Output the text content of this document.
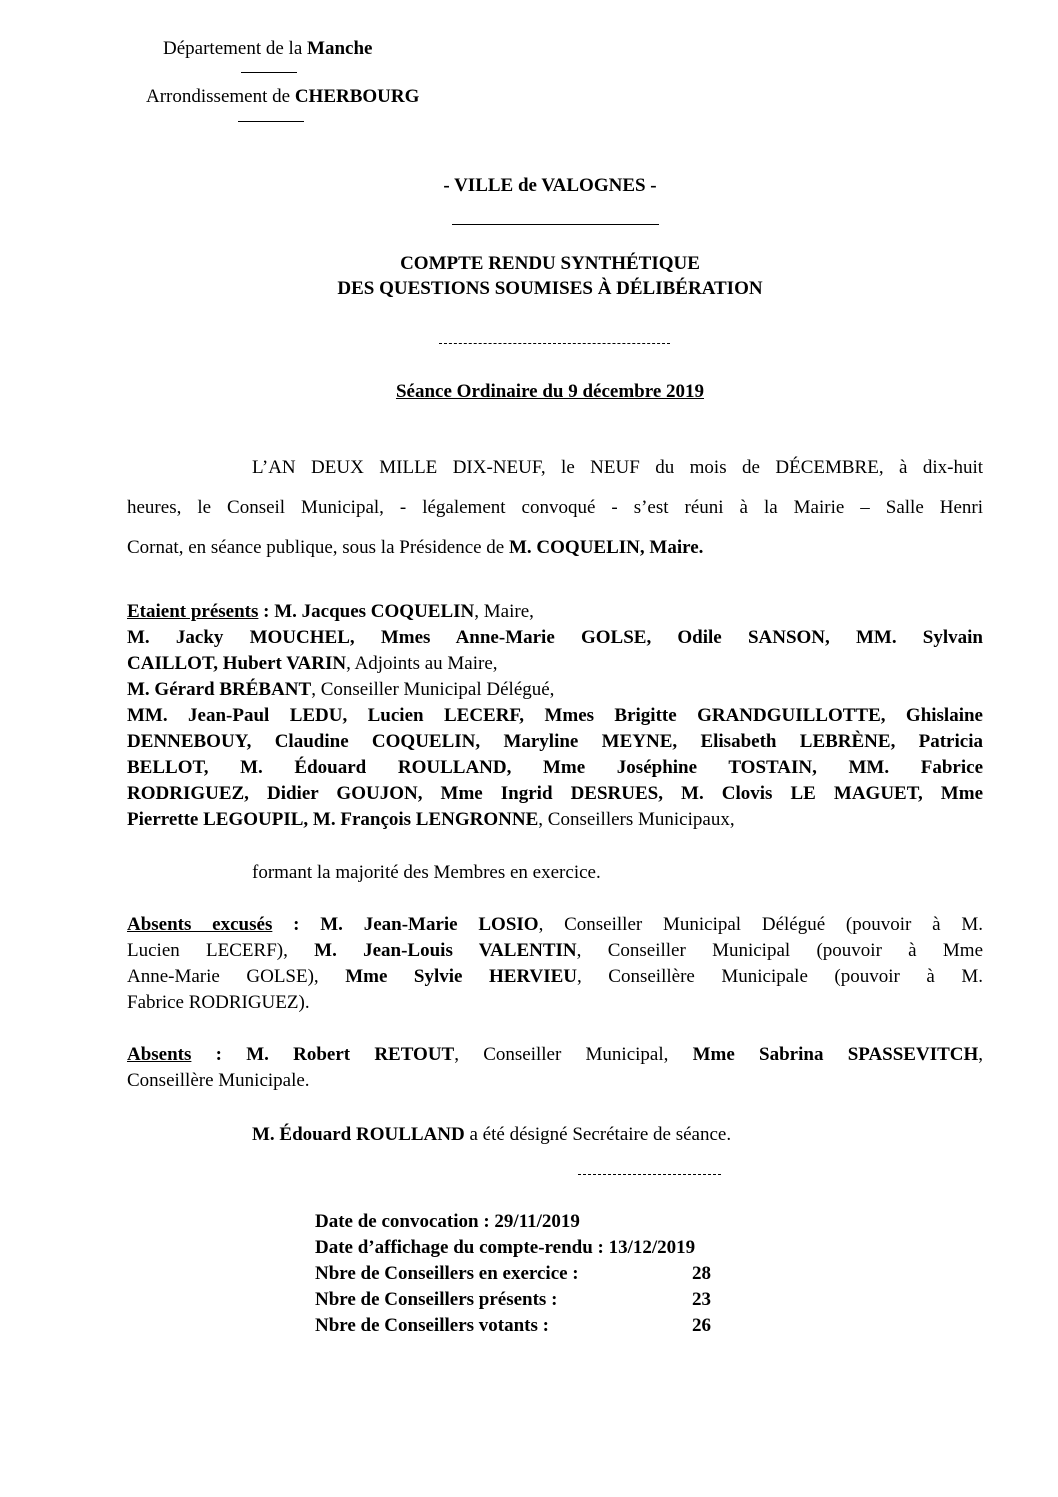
Département de la Manche
Arrondissement de CHERBOURG
- VILLE de VALOGNES -
COMPTE RENDU SYNTHÉTIQUE
DES QUESTIONS SOUMISES À DÉLIBÉRATION
Séance Ordinaire du 9 décembre 2019
L’AN DEUX MILLE DIX-NEUF, le NEUF du mois de DÉCEMBRE, à dix-huit
heures, le Conseil Municipal, - légalement convoqué - s’est réuni à la Mairie – Salle Henri
Cornat, en séance publique, sous la Présidence de M. COQUELIN, Maire.

Etaient présents : M. Jacques COQUELIN, Maire,

M. Jacky MOUCHEL, Mmes Anne-Marie GOLSE, Odile SANSON, MM. Sylvain

CAILLOT, Hubert VARIN, Adjoints au Maire,

M. Gérard BRÉBANT, Conseiller Municipal Délégué,

MM. Jean-Paul LEDU, Lucien LECERF, Mmes Brigitte GRANDGUILLOTTE, Ghislaine

DENNEBOUY, Claudine COQUELIN, Maryline MEYNE, Elisabeth LEBRÈNE, Patricia

BELLOT, M. Édouard ROULLAND, Mme Joséphine TOSTAIN, MM. Fabrice

RODRIGUEZ, Didier GOUJON, Mme Ingrid DESRUES, M. Clovis LE MAGUET, Mme

Pierrette LEGOUPIL, M. François LENGRONNE, Conseillers Municipaux,

formant la majorité des Membres en exercice.

Absents excusés : M. Jean-Marie LOSIO, Conseiller Municipal Délégué (pouvoir à M.

Lucien LECERF), M. Jean-Louis VALENTIN, Conseiller Municipal (pouvoir à Mme

Anne-Marie GOLSE), Mme Sylvie HERVIEU, Conseillère Municipale (pouvoir à M.

Fabrice RODRIGUEZ).

Absents : M. Robert RETOUT, Conseiller Municipal, Mme Sabrina SPASSEVITCH,

Conseillère Municipale.

M. Édouard ROULLAND a été désigné Secrétaire de séance.
Date de convocation : 29/11/2019
Date d’affichage du compte-rendu : 13/12/2019
Nbre de Conseillers en exercice :	28
Nbre de Conseillers présents :	23
Nbre de Conseillers votants :	26
